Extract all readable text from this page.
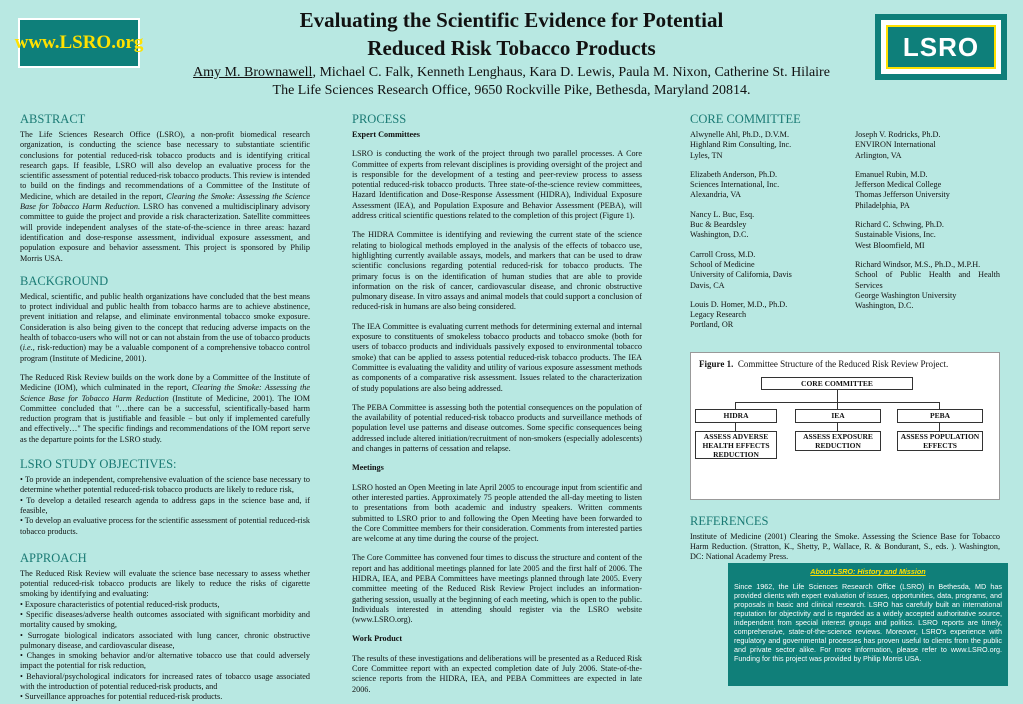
www.LSRO.org	LSRO
Evaluating the Scientific Evidence for Potential
Reduced Risk Tobacco Products
Amy M. Brownawell, Michael C. Falk, Kenneth Lenghaus, Kara D. Lewis, Paula M. Nixon, Catherine St. Hilaire
The Life Sciences Research Office, 9650 Rockville Pike, Bethesda, Maryland 20814.
ABSTRACT
The Life Sciences Research Office (LSRO), a non-profit biomedical research organization, is conducting the science base necessary to substantiate scientific conclusions for potential reduced-risk tobacco products and is identifying critical research gaps. If feasible, LSRO will also develop an evaluative process for the scientific assessment of potential reduced-risk tobacco products. This review is intended to build on the findings and recommendations of a Committee of the Institute of Medicine, which are detailed in the report, Clearing the Smoke: Assessing the Science Base for Tobacco Harm Reduction. LSRO has convened a multidisciplinary advisory committee to guide the project and provide a risk characterization. Satellite committees will provide independent analyses of the state-of-the-science in three areas: hazard identification and dose-response assessment, individual exposure assessment, and population exposure and behavior assessment. This project is sponsored by Philip Morris USA.
BACKGROUND
Medical, scientific, and public health organizations have concluded that the best means to protect individual and public health from tobacco harms are to achieve abstinence, prevent initiation and relapse, and eliminate environmental tobacco smoke exposure. Consideration is also being given to the concept that reducing adverse impacts on the health of tobacco-users who will not or can not abstain from the use of tobacco products (i.e., risk-reduction) may be a valuable component of a comprehensive tobacco control program (Institute of Medicine, 2001).
The Reduced Risk Review builds on the work done by a Committee of the Institute of Medicine (IOM), which culminated in the report, Clearing the Smoke: Assessing the Science Base for Tobacco Harm Reduction (Institute of Medicine, 2001). The IOM Committee concluded that "…there can be a successful, scientifically-based harm reduction program that is justifiable and feasible − but only if implemented carefully and effectively…" The specific findings and recommendations of the IOM report serve as the departure points for the LSRO study.
LSRO STUDY OBJECTIVES:
• To provide an independent, comprehensive evaluation of the science base necessary to determine whether potential reduced-risk tobacco products are likely to reduce risk,
• To develop a detailed research agenda to address gaps in the science base and, if feasible,
• To develop an evaluative process for the scientific assessment of potential reduced-risk tobacco products.
APPROACH
The Reduced Risk Review will evaluate the science base necessary to assess whether potential reduced-risk tobacco products are likely to reduce the risks of cigarette smoking by identifying and evaluating:
• Exposure characteristics of potential reduced-risk products,
• Specific diseases/adverse health outcomes associated with significant morbidity and mortality caused by smoking,
• Surrogate biological indicators associated with lung cancer, chronic obstructive pulmonary disease, and cardiovascular disease,
• Changes in smoking behavior and/or alternative tobacco use that could adversely impact the potential for risk reduction,
• Behavioral/psychological indicators for increased rates of tobacco usage associated with the introduction of potential reduced-risk products, and
• Surveillance approaches for potential reduced-risk products.
PROCESS
Expert Committees
LSRO is conducting the work of the project through two parallel processes. A Core Committee of experts from relevant disciplines is providing oversight of the project and is responsible for the development of a testing and peer-review process to assess potential reduced-risk tobacco products. Three state-of-the-science review committees, Hazard Identification and Dose-Response Assessment (HIDRA), Individual Exposure Assessment (IEA), and Population Exposure and Behavior Assessment (PEBA), will address critical scientific questions related to the completion of this project (Figure 1).
The HIDRA Committee is identifying and reviewing the current state of the science relating to biological methods employed in the analysis of the effects of tobacco use, highlighting currently available assays, models, and markers that can be used to draw scientific conclusions regarding potential reduced-risk for tobacco products. The primary focus is on the identification of human studies that are able to provide information on the risk of cancer, cardiovascular disease, and chronic obstructive pulmonary disease. In vitro assays and animal models that could support a conclusion of reduced-risk in humans are also being considered.
The IEA Committee is evaluating current methods for determining external and internal exposure to constituents of smokeless tobacco products and tobacco smoke (both for users of tobacco products and individuals passively exposed to environmental tobacco smoke) that can be applied to assess potential reduced-risk tobacco products. The IEA Committee is evaluating the validity and utility of various exposure assessment methods as components of a comparative risk assessment. Issues related to the characterization of study populations are also being addressed.
The PEBA Committee is assessing both the potential consequences on the population of the availability of potential reduced-risk tobacco products and surveillance methods of population level use patterns and disease outcomes. Some specific consequences being addressed include altered initiation/recruitment of non-smokers (especially adolescents) and changes in patterns of cessation and relapse.
Meetings
LSRO hosted an Open Meeting in late April 2005 to encourage input from scientific and other interested parties. Approximately 75 people attended the all-day meeting to listen to presentations from both academic and industry speakers. Written comments submitted to LSRO prior to and following the Open Meeting have been forwarded to the Core Committee members for their consideration. Comments from interested parties are welcome at any time during the course of the project.
The Core Committee has convened four times to discuss the structure and content of the report and has additional meetings planned for late 2005 and the first half of 2006. The HIDRA, IEA, and PEBA Committees have meetings planned through late 2005. Every committee meeting of the Reduced Risk Review Project includes an information-gathering session, usually at the beginning of each meeting, which is open to the public. Individuals interested in attending should register via the LSRO website (www.LSRO.org).
Work Product
The results of these investigations and deliberations will be presented as a Reduced Risk Core Committee report with an expected completion date of July 2006. State-of-the-science reports from the HIDRA, IEA, and PEBA Committees are expected in late 2006.
CORE COMMITTEE
Alwynelle Ahl, Ph.D., D.V.M.
Highland Rim Consulting, Inc.
Lyles, TN
Elizabeth Anderson, Ph.D.
Sciences International, Inc.
Alexandria, VA
Nancy L. Buc, Esq.
Buc & Beardsley
Washington, D.C.
Carroll Cross, M.D.
School of Medicine
University of California, Davis
Davis, CA
Louis D. Homer, M.D., Ph.D.
Legacy Research
Portland, OR
Joseph V. Rodricks, Ph.D.
ENVIRON International
Arlington, VA
Emanuel Rubin, M.D.
Jefferson Medical College
Thomas Jefferson University
Philadelphia, PA
Richard C. Schwing, Ph.D.
Sustainable Visions, Inc.
West Bloomfield, MI
Richard Windsor, M.S., Ph.D., M.P.H.
School of Public Health and Health Services
George Washington University
Washington, D.C.
Figure 1. Committee Structure of the Reduced Risk Review Project.
CORE COMMITTEE
HIDRA	IEA	PEBA
ASSESS ADVERSE HEALTH EFFECTS REDUCTION
ASSESS EXPOSURE REDUCTION
ASSESS POPULATION EFFECTS
REFERENCES
Institute of Medicine (2001) Clearing the Smoke. Assessing the Science Base for Tobacco Harm Reduction. (Stratton, K., Shetty, P., Wallace, R. & Bondurant, S., eds. ). Washington, DC: National Academy Press.
About LSRO: History and Mission
Since 1962, the Life Sciences Research Office (LSRO) in Bethesda, MD has provided clients with expert evaluation of issues, opportunities, data, programs, and proposals in basic and clinical research. LSRO has carefully built an international reputation for objectivity and is regarded as a widely accepted authoritative source, independent from special interest groups and politics. LSRO reports are timely, comprehensive, state-of-the-science reviews. Moreover, LSRO's experience with regulatory and governmental processes has proven useful to clients from the public and private sector alike. For more information, please refer to www.LSRO.org. Funding for this project was provided by Philip Morris USA.
